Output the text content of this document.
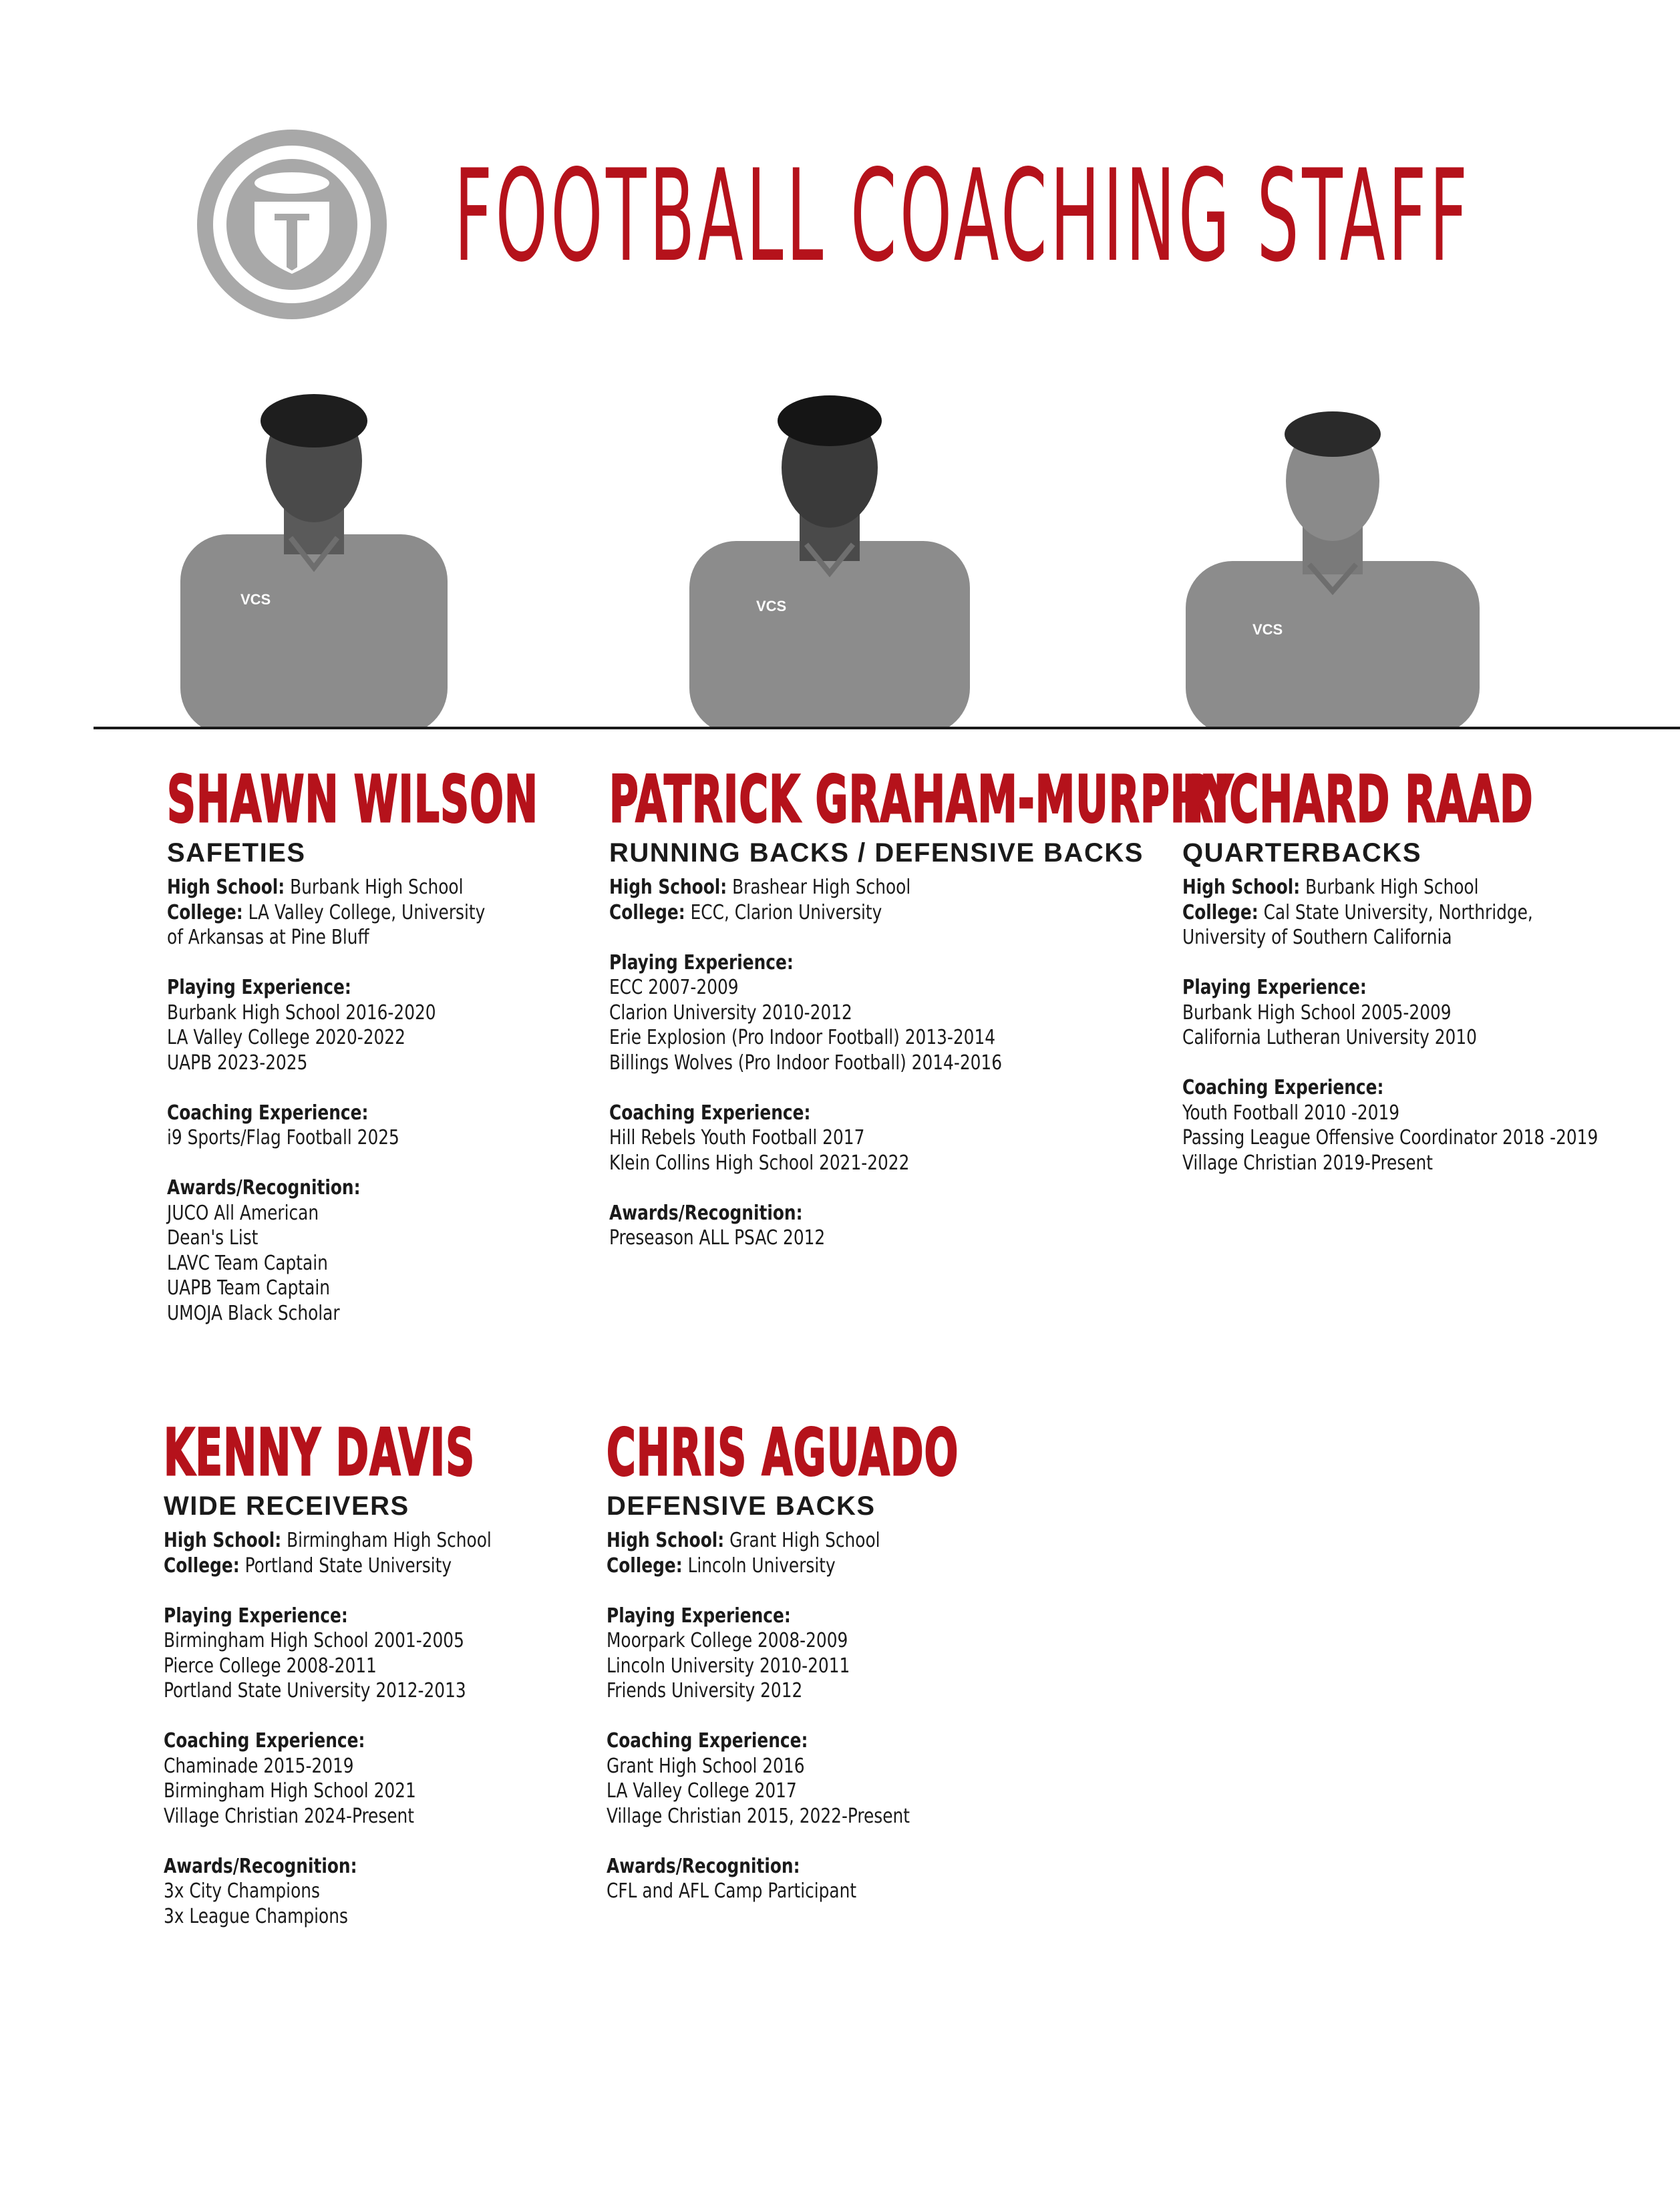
FOOTBALL COACHING STAFF
VCS	VCS
VCS
SHAWN WILSON
SAFETIES
High School: Burbank High School
College: LA Valley College, University
of Arkansas at Pine Bluff
Playing Experience:
Burbank High School 2016-2020
LA Valley College 2020-2022
UAPB 2023-2025
Coaching Experience:
i9 Sports/Flag Football 2025
Awards/Recognition:
JUCO All American
Dean's List
LAVC Team Captain
UAPB Team Captain
UMOJA Black Scholar
PATRICK GRAHAM-MURPHY
RUNNING BACKS / DEFENSIVE BACKS
High School: Brashear High School
College: ECC, Clarion University
Playing Experience:
ECC 2007-2009
Clarion University 2010-2012
Erie Explosion (Pro Indoor Football) 2013-2014
Billings Wolves (Pro Indoor Football) 2014-2016
Coaching Experience:
Hill Rebels Youth Football 2017
Klein Collins High School 2021-2022
Awards/Recognition:
Preseason ALL PSAC 2012
RICHARD RAAD
QUARTERBACKS
High School: Burbank High School
College: Cal State University, Northridge,
University of Southern California
Playing Experience:
Burbank High School 2005-2009
California Lutheran University 2010
Coaching Experience:
Youth Football 2010 -2019
Passing League Offensive Coordinator 2018 -2019
Village Christian 2019-Present
KENNY DAVIS
WIDE RECEIVERS
High School: Birmingham High School
College: Portland State University
Playing Experience:
Birmingham High School 2001-2005
Pierce College 2008-2011
Portland State University 2012-2013
Coaching Experience:
Chaminade 2015-2019
Birmingham High School 2021
Village Christian 2024-Present
Awards/Recognition:
3x City Champions
3x League Champions
CHRIS AGUADO
DEFENSIVE BACKS
High School: Grant High School
College: Lincoln University
Playing Experience:
Moorpark College 2008-2009
Lincoln University 2010-2011
Friends University 2012
Coaching Experience:
Grant High School 2016
LA Valley College 2017
Village Christian 2015, 2022-Present
Awards/Recognition:
CFL and AFL Camp Participant
